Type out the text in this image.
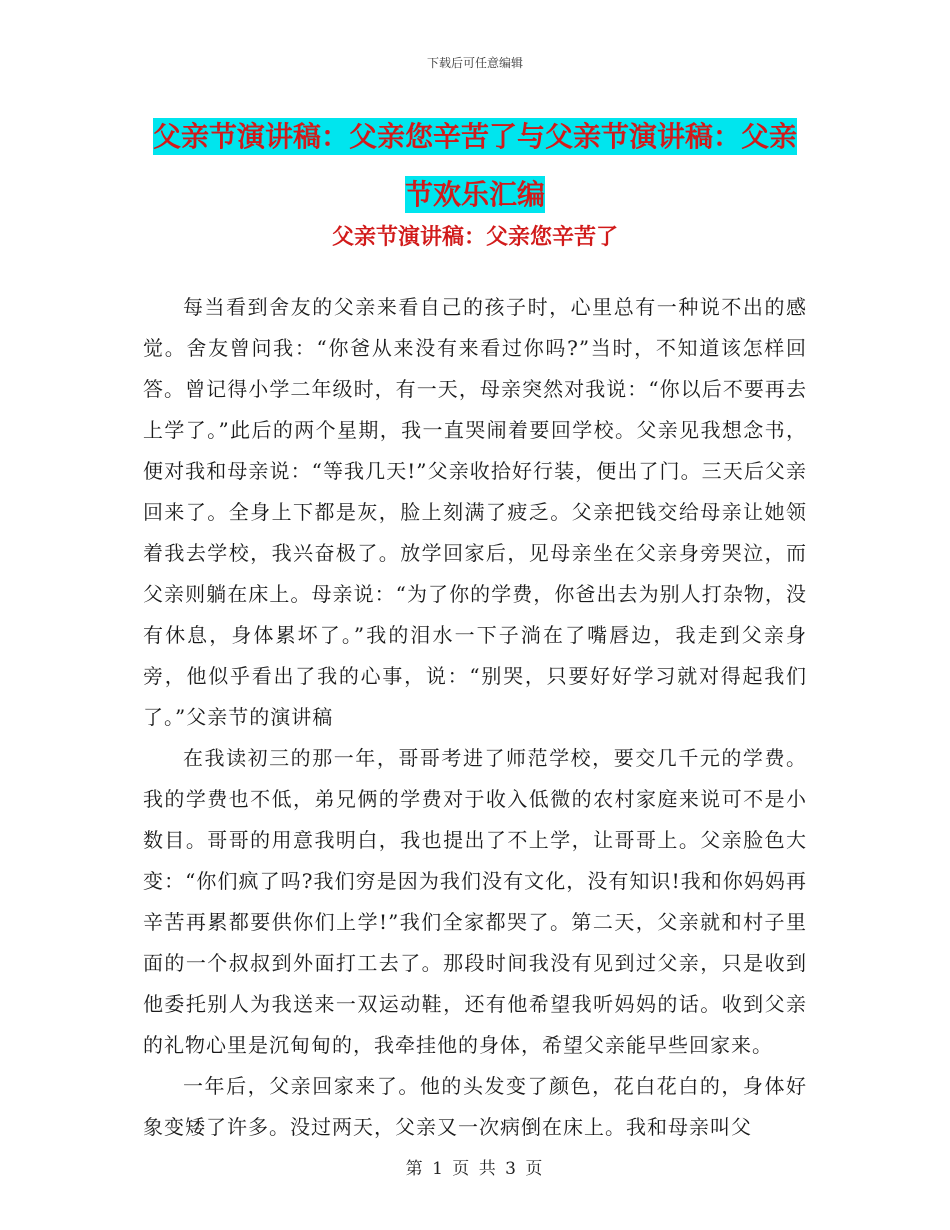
下载后可任意编辑
父亲节演讲稿：父亲您辛苦了与父亲节演讲稿：父亲
节欢乐汇编
父亲节演讲稿：父亲您辛苦了

每当看到舍友的父亲来看自己的孩子时，心里总有一种说不出的感觉。舍友曾问我：“你爸从来没有来看过你吗?”当时，不知道该怎样回答。曾记得小学二年级时，有一天，母亲突然对我说：“你以后不要再去上学了。”此后的两个星期，我一直哭闹着要回学校。父亲见我想念书，便对我和母亲说：“等我几天!”父亲收拾好行装，便出了门。三天后父亲回来了。全身上下都是灰，脸上刻满了疲乏。父亲把钱交给母亲让她领着我去学校，我兴奋极了。放学回家后，见母亲坐在父亲身旁哭泣，而父亲则躺在床上。母亲说：“为了你的学费，你爸出去为别人打杂物，没有休息，身体累坏了。”我的泪水一下子淌在了嘴唇边，我走到父亲身旁，他似乎看出了我的心事，说：“别哭，只要好好学习就对得起我们了。”父亲节的演讲稿

在我读初三的那一年，哥哥考进了师范学校，要交几千元的学费。我的学费也不低，弟兄俩的学费对于收入低微的农村家庭来说可不是小数目。哥哥的用意我明白，我也提出了不上学，让哥哥上。父亲脸色大变：“你们疯了吗?我们穷是因为我们没有文化，没有知识!我和你妈妈再辛苦再累都要供你们上学!”我们全家都哭了。第二天，父亲就和村子里面的一个叔叔到外面打工去了。那段时间我没有见到过父亲，只是收到他委托别人为我送来一双运动鞋，还有他希望我听妈妈的话。收到父亲的礼物心里是沉甸甸的，我牵挂他的身体，希望父亲能早些回家来。

一年后，父亲回家来了。他的头发变了颜色，花白花白的，身体好象变矮了许多。没过两天，父亲又一次病倒在床上。我和母亲叫父

第 1 页 共 3 页
